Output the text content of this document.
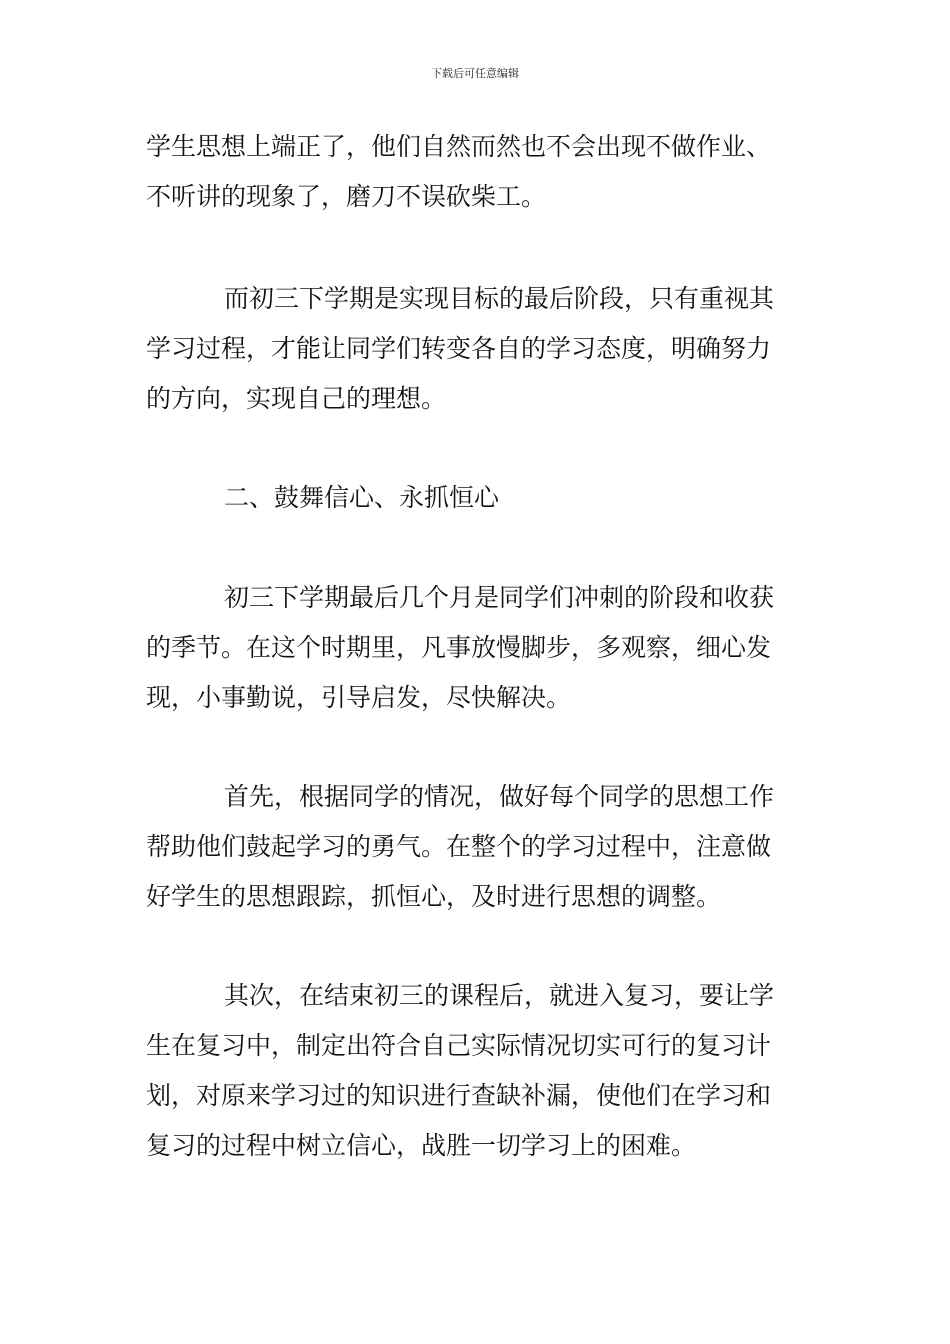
下载后可任意编辑
学生思想上端正了，他们自然而然也不会出现不做作业、
不听讲的现象了，磨刀不误砍柴工。
而初三下学期是实现目标的最后阶段，只有重视其
学习过程，才能让同学们转变各自的学习态度，明确努力
的方向，实现自己的理想。
二、鼓舞信心、永抓恒心
初三下学期最后几个月是同学们冲刺的阶段和收获
的季节。在这个时期里，凡事放慢脚步，多观察，细心发
现，小事勤说，引导启发，尽快解决。
首先，根据同学的情况，做好每个同学的思想工作
帮助他们鼓起学习的勇气。在整个的学习过程中，注意做
好学生的思想跟踪，抓恒心，及时进行思想的调整。
其次，在结束初三的课程后，就进入复习，要让学
生在复习中，制定出符合自己实际情况切实可行的复习计
划，对原来学习过的知识进行查缺补漏，使他们在学习和
复习的过程中树立信心，战胜一切学习上的困难。
